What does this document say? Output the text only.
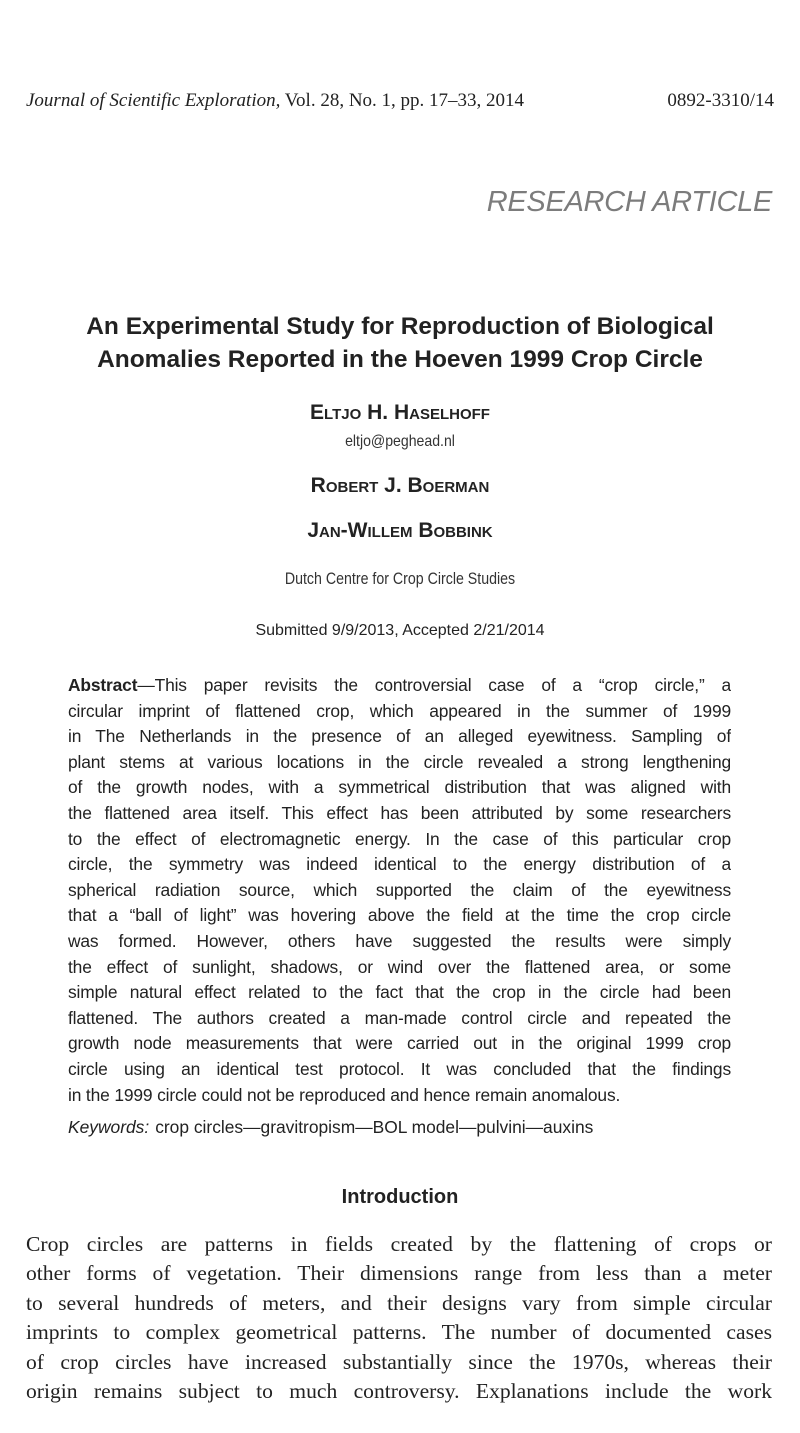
Journal of Scientific Exploration, Vol. 28, No. 1, pp. 17–33, 2014	0892-3310/14
RESEARCH ARTICLE
An Experimental Study for Reproduction of Biological
Anomalies Reported in the Hoeven 1999 Crop Circle
Eltjo H. Haselhoff
eltjo@peghead.nl
Robert J. Boerman
Jan-Willem Bobbink
Dutch Centre for Crop Circle Studies
Submitted 9/9/2013, Accepted 2/21/2014
Abstract—This paper revisits the controversial case of a “crop circle,” a
circular imprint of flattened crop, which appeared in the summer of 1999
in The Netherlands in the presence of an alleged eyewitness. Sampling of
plant stems at various locations in the circle revealed a strong lengthening
of the growth nodes, with a symmetrical distribution that was aligned with
the flattened area itself. This effect has been attributed by some researchers
to the effect of electromagnetic energy. In the case of this particular crop
circle, the symmetry was indeed identical to the energy distribution of a
spherical radiation source, which supported the claim of the eyewitness
that a “ball of light” was hovering above the field at the time the crop circle
was formed. However, others have suggested the results were simply
the effect of sunlight, shadows, or wind over the flattened area, or some
simple natural effect related to the fact that the crop in the circle had been
flattened. The authors created a man-made control circle and repeated the
growth node measurements that were carried out in the original 1999 crop
circle using an identical test protocol. It was concluded that the findings
in the 1999 circle could not be reproduced and hence remain anomalous.
Keywords: crop circles—gravitropism—BOL model—pulvini—auxins
Introduction
Crop circles are patterns in fields created by the flattening of crops or
other forms of vegetation. Their dimensions range from less than a meter
to several hundreds of meters, and their designs vary from simple circular
imprints to complex geometrical patterns. The number of documented cases
of crop circles have increased substantially since the 1970s, whereas their
origin remains subject to much controversy. Explanations include the work
